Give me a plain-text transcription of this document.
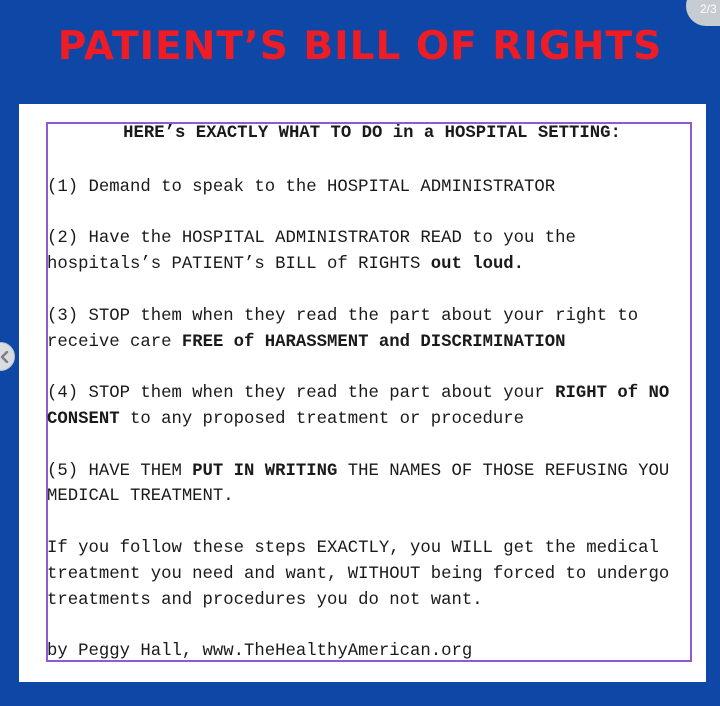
PATIENT’S BILL OF RIGHTS
2/3

HERE’s EXACTLY WHAT TO DO in a HOSPITAL SETTING:

(1) Demand to speak to the HOSPITAL ADMINISTRATOR

(2) Have the HOSPITAL ADMINISTRATOR READ to you the hospitals’s PATIENT’s BILL of RIGHTS out loud.

(3) STOP them when they read the part about your right to receive care FREE of HARASSMENT and DISCRIMINATION

(4) STOP them when they read the part about your RIGHT of NO CONSENT to any proposed treatment or procedure

(5) HAVE THEM PUT IN WRITING THE NAMES OF THOSE REFUSING YOU MEDICAL TREATMENT.

If you follow these steps EXACTLY, you WILL get the medical treatment you need and want, WITHOUT being forced to undergo treatments and procedures you do not want.

by Peggy Hall, www.TheHealthyAmerican.org
